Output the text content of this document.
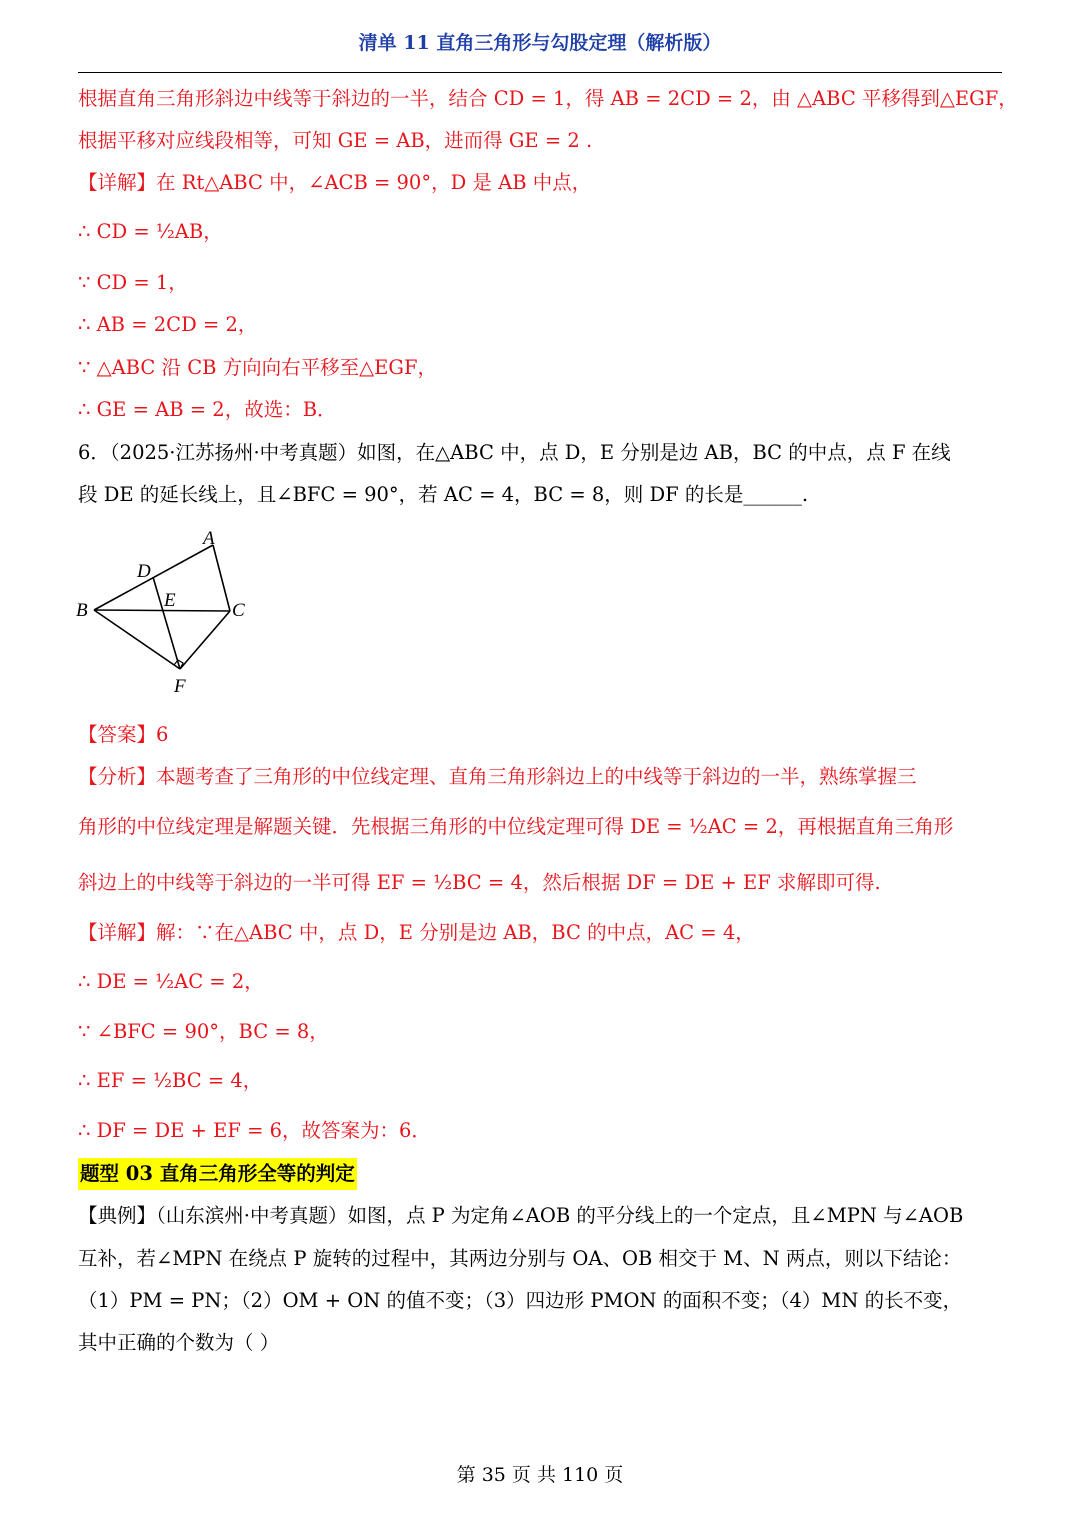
清单 11 直角三角形与勾股定理（解析版）
根据直角三角形斜边中线等于斜边的一半，结合 CD = 1，得 AB = 2CD = 2，由 △ABC 平移得到△EGF，
根据平移对应线段相等，可知 GE = AB，进而得 GE = 2 .
【详解】在 Rt△ABC 中，∠ACB = 90°，D 是 AB 中点，
∴ CD = ½AB，
∵ CD = 1，
∴ AB = 2CD = 2，
∵ △ABC 沿 CB 方向向右平移至△EGF，
∴ GE = AB = 2，故选：B．
6．（2025·江苏扬州·中考真题）如图，在△ABC 中，点 D，E 分别是边 AB，BC 的中点，点 F 在线
段 DE 的延长线上，且∠BFC = 90°，若 AC = 4，BC = 8，则 DF 的长是______.
A
B	C
D
E
F
【答案】6
【分析】本题考查了三角形的中位线定理、直角三角形斜边上的中线等于斜边的一半，熟练掌握三
角形的中位线定理是解题关键．先根据三角形的中位线定理可得 DE = ½AC = 2，再根据直角三角形
斜边上的中线等于斜边的一半可得 EF = ½BC = 4，然后根据 DF = DE + EF 求解即可得.
【详解】解：∵在△ABC 中，点 D，E 分别是边 AB，BC 的中点，AC = 4，
∴ DE = ½AC = 2，
∵ ∠BFC = 90°，BC = 8，
∴ EF = ½BC = 4，
∴ DF = DE + EF = 6，故答案为：6．
题型 03 直角三角形全等的判定
【典例】（山东滨州·中考真题）如图，点 P 为定角∠AOB 的平分线上的一个定点，且∠MPN 与∠AOB
互补，若∠MPN 在绕点 P 旋转的过程中，其两边分别与 OA、OB 相交于 M、N 两点，则以下结论：
（1）PM = PN；（2）OM + ON 的值不变；（3）四边形 PMON 的面积不变；（4）MN 的长不变，
其中正确的个数为（ ）
第 35 页 共 110 页
